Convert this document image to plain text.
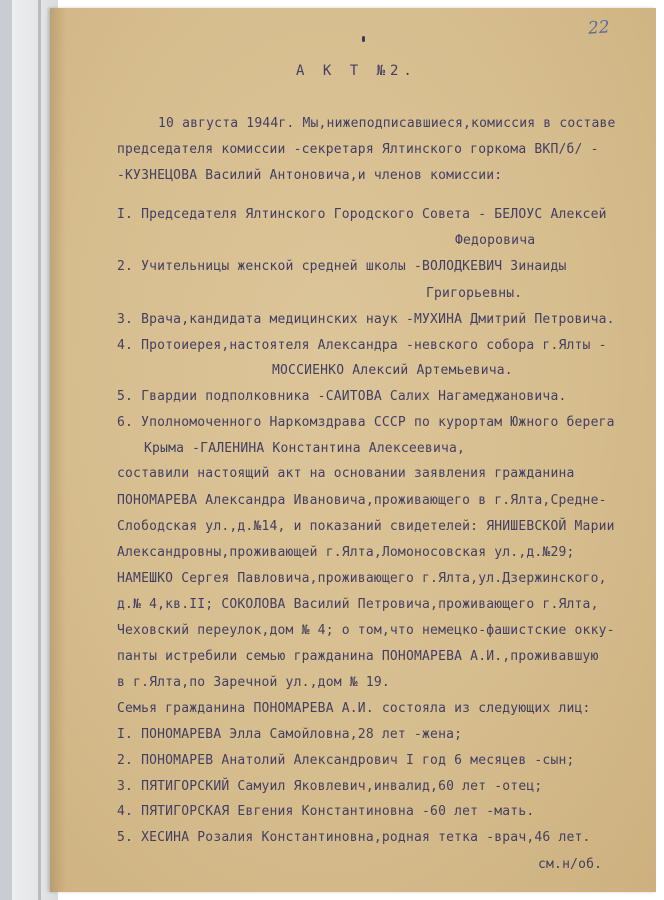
22
А К Т №2.
10 августа 1944г. Мы,нижеподписавшиеся,комиссия в составе
председателя комиссии -секретаря Ялтинского горкома ВКП/б/ -
-КУЗНЕЦОВА Василий Антоновича,и членов комиссии:
I. Председателя Ялтинского Городского Совета - БЕЛОУС Алексей
Федоровича
2. Учительницы женской средней школы -ВОЛОДКЕВИЧ Зинаиды
Григорьевны.
3. Врача,кандидата медицинских наук -МУХИНА Дмитрий Петровича.
4. Протоиерея,настоятеля Александра -невского собора г.Ялты -
МОССИЕНКО Алексий Артемьевича.
5. Гвардии подполковника -САИТОВА Салих Нагамеджановича.
6. Уполномоченного Наркомздрава СССР по курортам Южного берега
Крыма -ГАЛЕНИНА Константина Алексеевича,
составили настоящий акт на основании заявления гражданина
ПОНОМАРЕВА Александра Ивановича,проживающего в г.Ялта,Средне-
Слободская ул.,д.№14, и показаний свидетелей: ЯНИШЕВСКОЙ Марии
Александровны,проживающей г.Ялта,Ломоносовская ул.,д.№29;
НАМЕШКО Сергея Павловича,проживающего г.Ялта,ул.Дзержинского,
д.№ 4,кв.II; СОКОЛОВА Василий Петровича,проживающего г.Ялта,
Чеховский переулок,дом № 4; о том,что немецко-фашистские окку-
панты истребили семью гражданина ПОНОМАРЕВА А.И.,проживавшую
в г.Ялта,по Заречной ул.,дом № 19.
Семья гражданина ПОНОМАРЕВА А.И. состояла из следующих лиц:
I. ПОНОМАРЕВА Элла Самойловна,28 лет -жена;
2. ПОНОМАРЕВ Анатолий Александрович I год 6 месяцев -сын;
3. ПЯТИГОРСКИЙ Самуил Яковлевич,инвалид,60 лет -отец;
4. ПЯТИГОРСКАЯ Евгения Константиновна -60 лет -мать.
5. ХЕСИНА Розалия Константиновна,родная тетка -врач,46 лет.
см.н/об.
